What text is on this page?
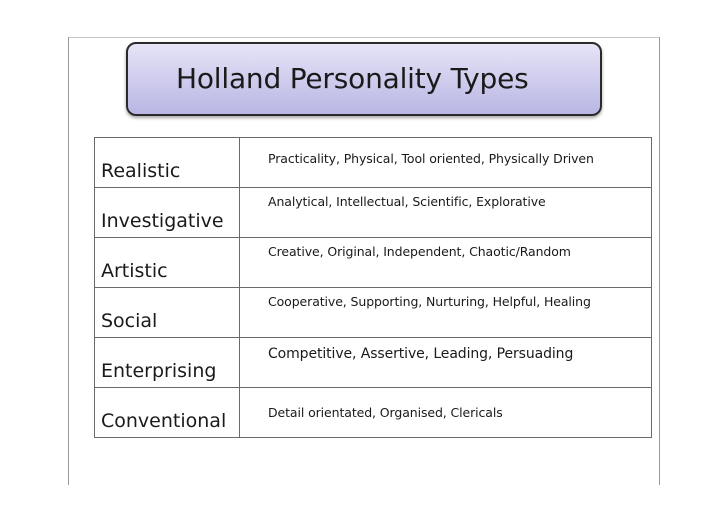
Holland Personality Types
Realistic	Practicality, Physical, Tool oriented, Physically Driven
Investigative	Analytical, Intellectual, Scientific, Explorative
Artistic	Creative, Original, Independent, Chaotic/Random
Social	Cooperative, Supporting, Nurturing, Helpful, Healing
Enterprising	Competitive, Assertive, Leading, Persuading
Conventional	Detail orientated, Organised, Clericals
